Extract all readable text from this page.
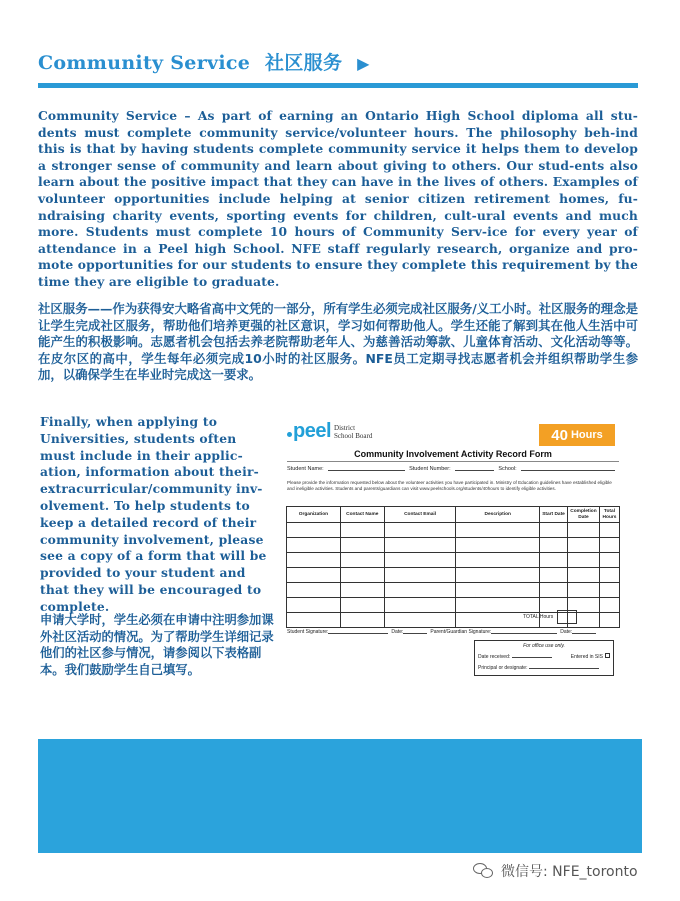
Community Service 社区服务 ▶

Community Service – As part of earning an Ontario High School diploma all stu-dents must complete community service/volunteer hours. The philosophy beh-ind this is that by having students complete community service it helps them to develop a stronger sense of community and learn about giving to others. Our stud-ents also learn about the positive impact that they can have in the lives of others. Examples of volunteer opportunities include helping at senior citizen retirement homes, fu-ndraising charity events, sporting events for children, cult-ural events and much more. Students must complete 10 hours of Community Serv-ice for every year of attendance in a Peel high School. NFE staff regularly research, organize and pro-mote opportunities for our students to ensure they complete this requirement by the time they are eligible to graduate.

社区服务——作为获得安大略省高中文凭的一部分，所有学生必须完成社区服务/义工小时。社区服务的理念是让学生完成社区服务，帮助他们培养更强的社区意识，学习如何帮助他人。学生还能了解到其在他人生活中可能产生的积极影响。志愿者机会包括去养老院帮助老年人、为慈善活动筹款、儿童体育活动、文化活动等等。在皮尔区的高中，学生每年必须完成10小时的社区服务。NFE员工定期寻找志愿者机会并组织帮助学生参加，以确保学生在毕业时完成这一要求。

Finally, when applying to Universities, students often must include in their applic-ation, information about their-extracurricular/community inv-olvement. To help students to keep a detailed record of their community involvement, please see a copy of a form that will be provided to your student and that they will be encouraged to complete.

申请大学时，学生必须在申请中注明参加课外社区活动的情况。为了帮助学生详细记录他们的社区参与情况，请参阅以下表格副本。我们鼓励学生自己填写。

peel District
School Board	40 Hours
Community Involvement Activity Record Form
Student Name:	Student Number:	School:
Please provide the information requested below about the volunteer activities you have participated in. Ministry of Education guidelines have established eligible and ineligible activities. Students and parents/guardians can visit www.peelschools.org/students/40hours to identify eligible activities.
Organization	Contact Name	Contact Email	Description	Start Date	Completion Date	Total Hours

TOTAL Hours
Student Signature:	Date:	Parent/Guardian Signature:	Date:
For office use only.
Date received:	Entered in SIS
Principal or designate:
微信号: NFE_toronto
